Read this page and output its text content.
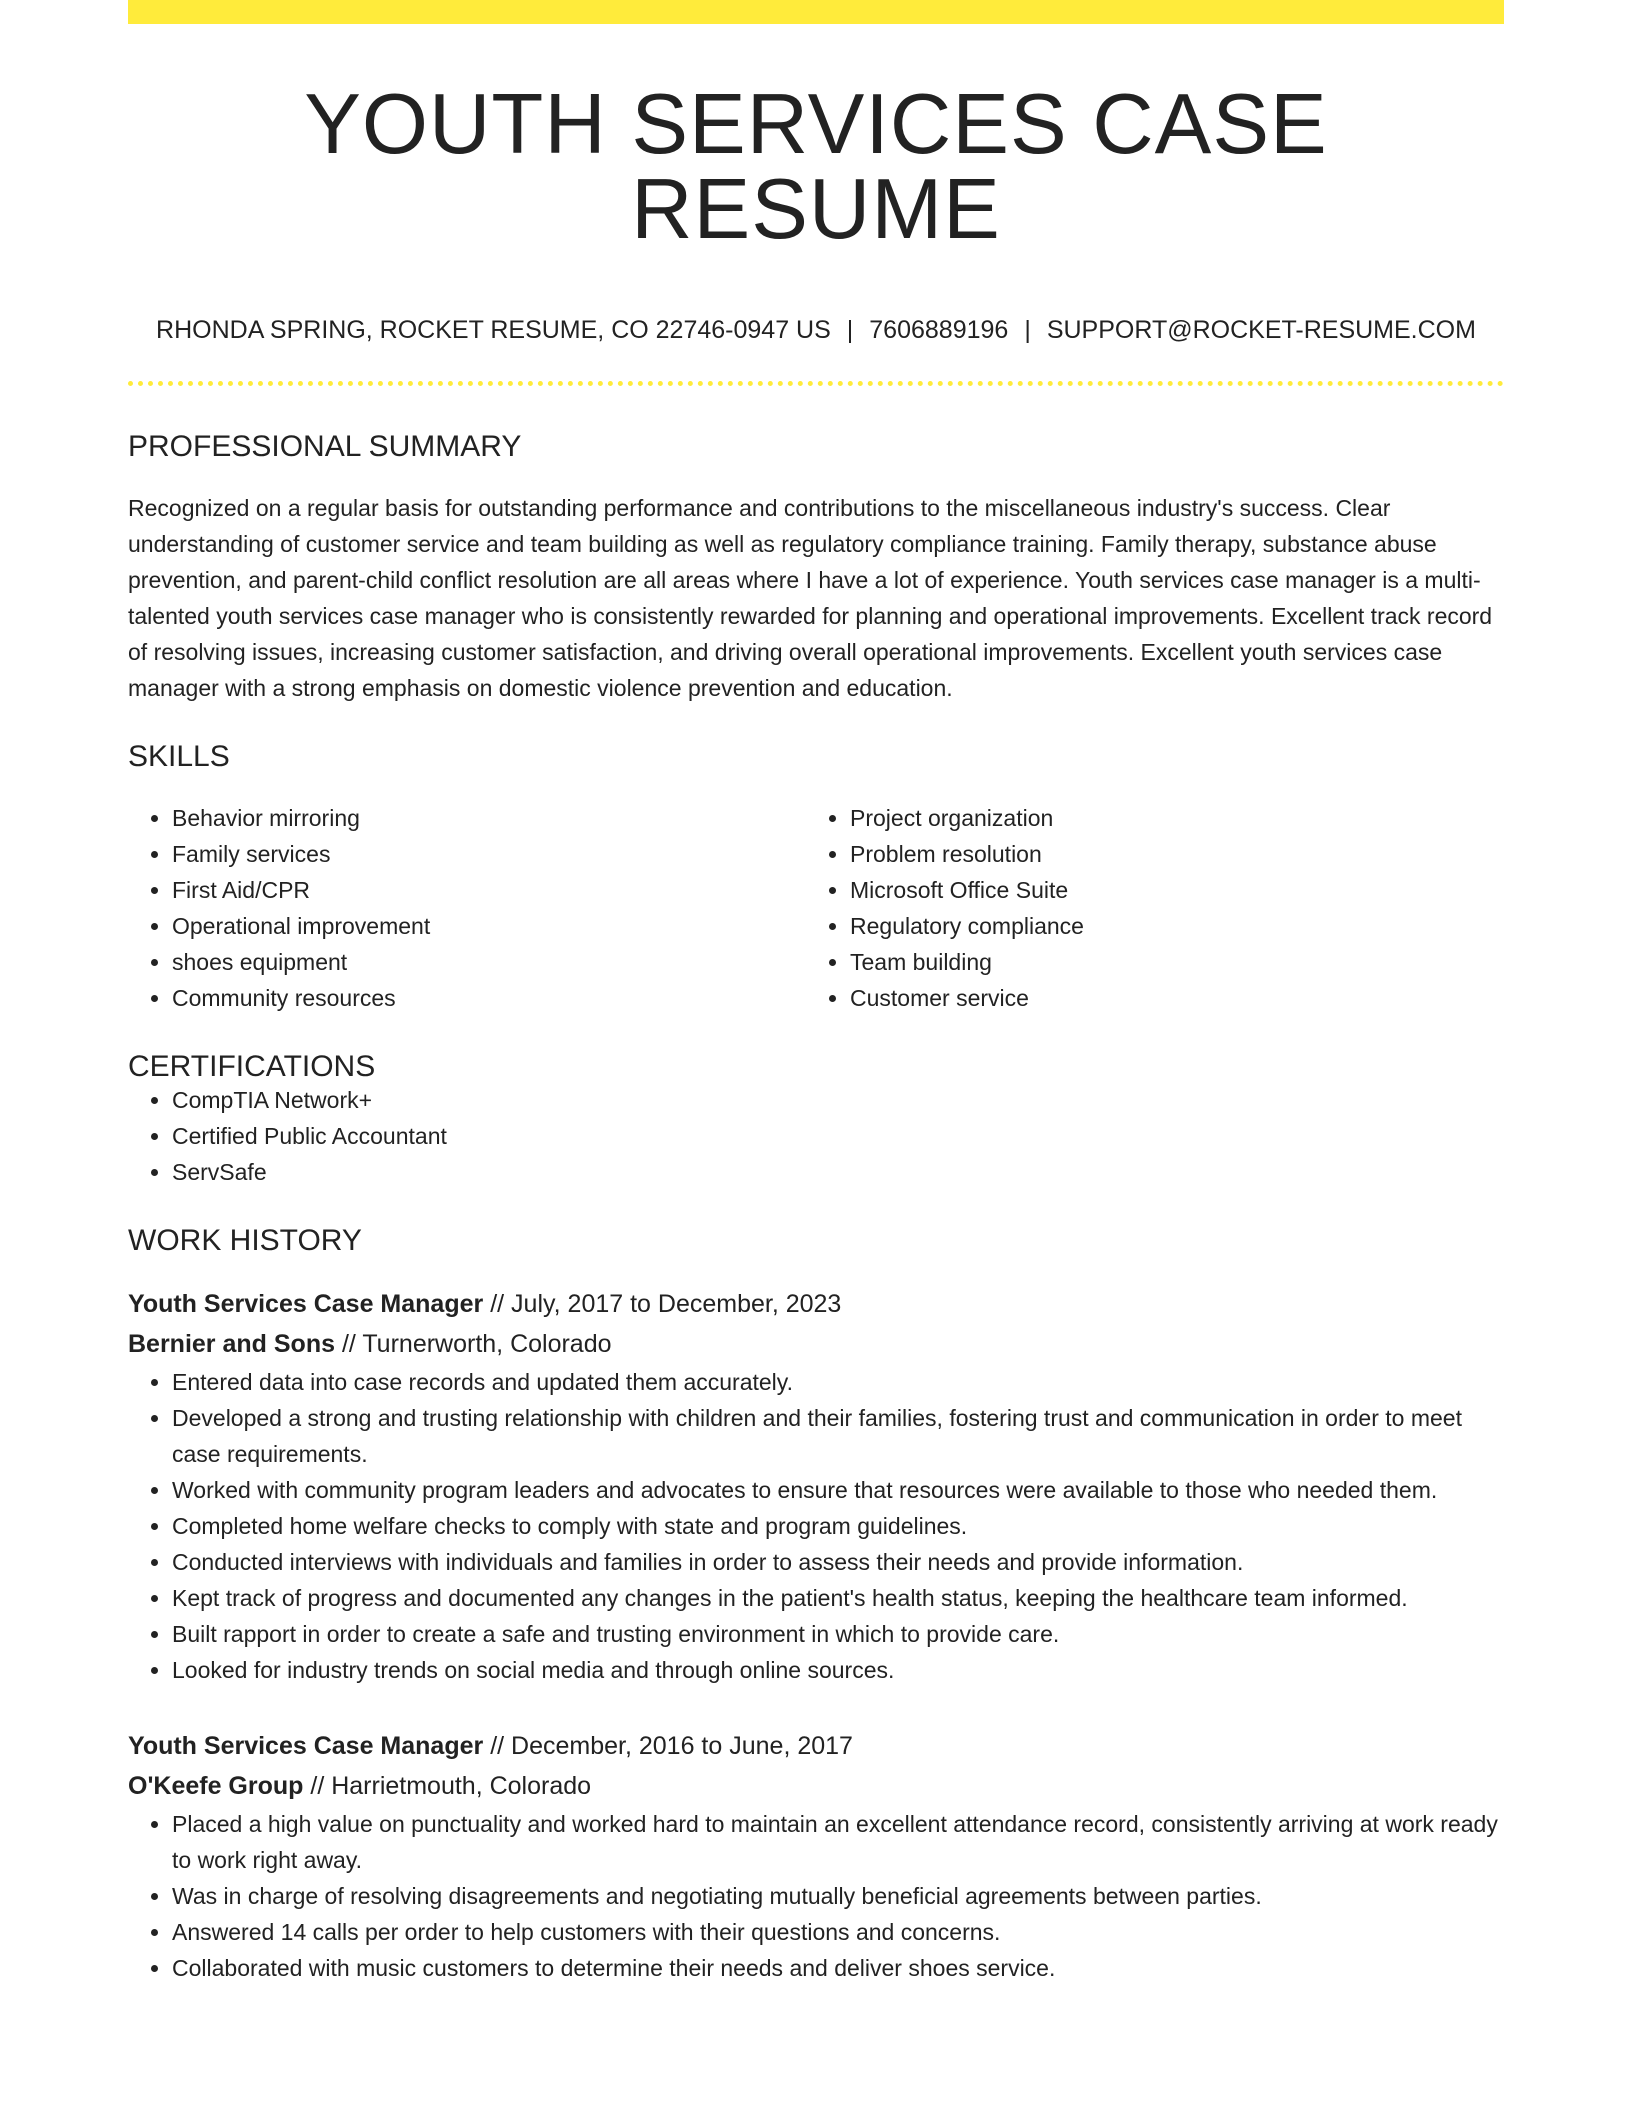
YOUTH SERVICES CASE RESUME
RHONDA SPRING, ROCKET RESUME, CO 22746-0947 US | 7606889196 | SUPPORT@ROCKET-RESUME.COM
PROFESSIONAL SUMMARY

Recognized on a regular basis for outstanding performance and contributions to the miscellaneous industry's success. Clear understanding of customer service and team building as well as regulatory compliance training. Family therapy, substance abuse prevention, and parent-child conflict resolution are all areas where I have a lot of experience. Youth services case manager is a multi-talented youth services case manager who is consistently rewarded for planning and operational improvements. Excellent track record of resolving issues, increasing customer satisfaction, and driving overall operational improvements. Excellent youth services case manager with a strong emphasis on domestic violence prevention and education.

SKILLS
• Behavior mirroring
• Family services
• First Aid/CPR
• Operational improvement
• shoes equipment
• Community resources
• Project organization
• Problem resolution
• Microsoft Office Suite
• Regulatory compliance
• Team building
• Customer service
CERTIFICATIONS
• CompTIA Network+
• Certified Public Accountant
• ServSafe
WORK HISTORY
Youth Services Case Manager // July, 2017 to December, 2023
Bernier and Sons // Turnerworth, Colorado
• Entered data into case records and updated them accurately.
• Developed a strong and trusting relationship with children and their families, fostering trust and communication in order to meet case requirements.
• Worked with community program leaders and advocates to ensure that resources were available to those who needed them.
• Completed home welfare checks to comply with state and program guidelines.
• Conducted interviews with individuals and families in order to assess their needs and provide information.
• Kept track of progress and documented any changes in the patient's health status, keeping the healthcare team informed.
• Built rapport in order to create a safe and trusting environment in which to provide care.
• Looked for industry trends on social media and through online sources.
Youth Services Case Manager // December, 2016 to June, 2017
O'Keefe Group // Harrietmouth, Colorado
• Placed a high value on punctuality and worked hard to maintain an excellent attendance record, consistently arriving at work ready to work right away.
• Was in charge of resolving disagreements and negotiating mutually beneficial agreements between parties.
• Answered 14 calls per order to help customers with their questions and concerns.
• Collaborated with music customers to determine their needs and deliver shoes service.
